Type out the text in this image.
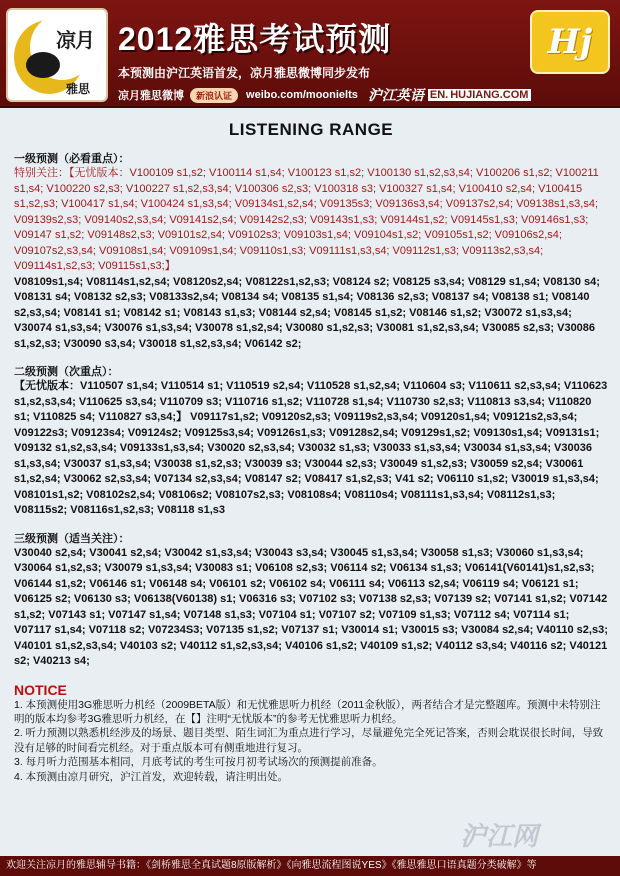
凉月
雅思
2012雅思考试预测	Hj
本预测由沪江英语首发，凉月雅思微博同步发布
凉月雅思微博	新浪认证	weibo.com/moonielts 沪江英语 EN. HUJIANG.COM
LISTENING RANGE
一级预测（必看重点）：
特别关注：【无忧版本：V100109 s1,s2; V100114 s1,s4; V100123 s1,s2; V100130 s1,s2,s3,s4; V100206 s1,s2; V100211 s1,s4; V100220 s2,s3; V100227 s1,s2,s3,s4; V100306 s2,s3; V100318 s3; V100327 s1,s4; V100410 s2,s4; V100415 s1,s2,s3; V100417 s1,s4; V100424 s1,s3,s4; V09134s1,s2,s4; V09135s3; V09136s3,s4; V09137s2,s4; V09138s1,s3,s4; V09139s2,s3; V09140s2,s3,s4; V09141s2,s4; V09142s2,s3; V09143s1,s3; V09144s1,s2; V09145s1,s3; V09146s1,s3; V09147 s1,s2; V09148s2,s3; V09101s2,s4; V09102s3; V09103s1,s4; V09104s1,s2; V09105s1,s2; V09106s2,s4; V09107s2,s3,s4; V09108s1,s4; V09109s1,s4; V09110s1,s3; V09111s1,s3,s4; V09112s1,s3; V09113s2,s3,s4; V09114s1,s2,s3; V09115s1,s3;】
V08109s1,s4; V08114s1,s2,s4; V08120s2,s4; V08122s1,s2,s3; V08124 s2; V08125 s3,s4; V08129 s1,s4; V08130 s4; V08131 s4; V08132 s2,s3; V08133s2,s4; V08134 s4; V08135 s1,s4; V08136 s2,s3; V08137 s4; V08138 s1; V08140 s2,s3,s4; V08141 s1; V08142 s1; V08143 s1,s3; V08144 s2,s4; V08145 s1,s2; V08146 s1,s2; V30072 s1,s3,s4; V30074 s1,s3,s4; V30076 s1,s3,s4; V30078 s1,s2,s4; V30080 s1,s2,s3; V30081 s1,s2,s3,s4; V30085 s2,s3; V30086 s1,s2,s3; V30090 s3,s4; V30018 s1,s2,s3,s4; V06142 s2;
二级预测（次重点）：
【无忧版本：V110507 s1,s4; V110514 s1; V110519 s2,s4; V110528 s1,s2,s4; V110604 s3; V110611 s2,s3,s4; V110623 s1,s2,s3,s4; V110625 s3,s4; V110709 s3; V110716 s1,s2; V110728 s1,s4; V110730 s2,s3; V110813 s3,s4; V110820 s1; V110825 s4; V110827 s3,s4;】 V09117s1,s2; V09120s2,s3; V09119s2,s3,s4; V09120s1,s4; V09121s2,s3,s4; V09122s3; V09123s4; V09124s2; V09125s3,s4; V09126s1,s3; V09128s2,s4; V09129s1,s2; V09130s1,s4; V09131s1; V09132 s1,s2,s3,s4; V09133s1,s3,s4; V30020 s2,s3,s4; V30032 s1,s3; V30033 s1,s3,s4; V30034 s1,s3,s4; V30036 s1,s3,s4; V30037 s1,s3,s4; V30038 s1,s2,s3; V30039 s3; V30044 s2,s3; V30049 s1,s2,s3; V30059 s2,s4; V30061 s1,s2,s4; V30062 s2,s3,s4; V07134 s2,s3,s4; V08147 s2; V08417 s1,s2,s3; V41 s2; V06110 s1,s2; V30019 s1,s3,s4; V08101s1,s2; V08102s2,s4; V08106s2; V08107s2,s3; V08108s4; V08110s4; V08111s1,s3,s4; V08112s1,s3; V08115s2; V08116s1,s2,s3; V08118 s1,s3
三级预测（适当关注）：
V30040 s2,s4; V30041 s2,s4; V30042 s1,s3,s4; V30043 s3,s4; V30045 s1,s3,s4; V30058 s1,s3; V30060 s1,s3,s4; V30064 s1,s2,s3; V30079 s1,s3,s4; V30083 s1; V06108 s2,s3; V06114 s2; V06134 s1,s3; V06141(V60141)s1,s2,s3; V06144 s1,s2; V06146 s1; V06148 s4; V06101 s2; V06102 s4; V06111 s4; V06113 s2,s4; V06119 s4; V06121 s1; V06125 s2; V06130 s3; V06138(V60138) s1; V06316 s3; V07102 s3; V07138 s2,s3; V07139 s2; V07141 s1,s2; V07142 s1,s2; V07143 s1; V07147 s1,s4; V07148 s1,s3; V07104 s1; V07107 s2; V07109 s1,s3; V07112 s4; V07114 s1; V07117 s1,s4; V07118 s2; V07234S3; V07135 s1,s2; V07137 s1; V30014 s1; V30015 s3; V30084 s2,s4; V40110 s2,s3; V40101 s1,s2,s3,s4; V40103 s2; V40112 s1,s2,s3,s4; V40106 s1,s2; V40109 s1,s2; V40112 s3,s4; V40116 s2; V40121 s2; V40213 s4;
NOTICE
1. 本预测使用3G雅思听力机经（2009BETA版）和无忧雅思听力机经（2011金秋版），两者结合才是完整题库。预测中未特别注明的版本均参考3G雅思听力机经，在【】注明“无忧版本”的参考无忧雅思听力机经。
2. 听力预测以熟悉机经涉及的场景、题目类型、陌生词汇为重点进行学习，尽量避免完全死记答案，否则会耽误很长时间，导致没有足够的时间看完机经。对于重点版本可有侧重地进行复习。
3. 每月听力范围基本相同，月底考试的考生可按月初考试场次的预测提前准备。
4. 本预测由凉月研究，沪江首发，欢迎转载，请注明出处。
沪江网
欢迎关注凉月的雅思辅导书籍：《剑桥雅思全真试题8原版解析》《向雅思流程图说YES》《雅思雅思口语真题分类破解》等
